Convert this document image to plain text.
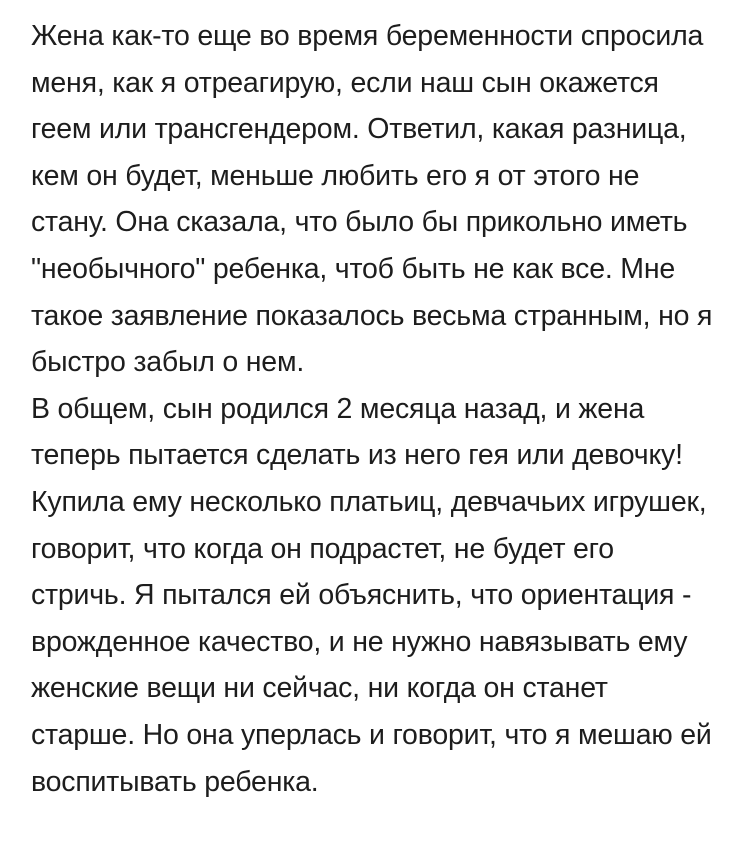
Жена как-то еще во время беременности спросила
меня, как я отреагирую, если наш сын окажется
геем или трансгендером. Ответил, какая разница,
кем он будет, меньше любить его я от этого не
стану. Она сказала, что было бы прикольно иметь
"необычного" ребенка, чтоб быть не как все. Мне
такое заявление показалось весьма странным, но я
быстро забыл о нем.
В общем, сын родился 2 месяца назад, и жена
теперь пытается сделать из него гея или девочку!
Купила ему несколько платьиц, девчачьих игрушек,
говорит, что когда он подрастет, не будет его
стричь. Я пытался ей объяснить, что ориентация -
врожденное качество, и не нужно навязывать ему
женские вещи ни сейчас, ни когда он станет
старше. Но она уперлась и говорит, что я мешаю ей
воспитывать ребенка.
